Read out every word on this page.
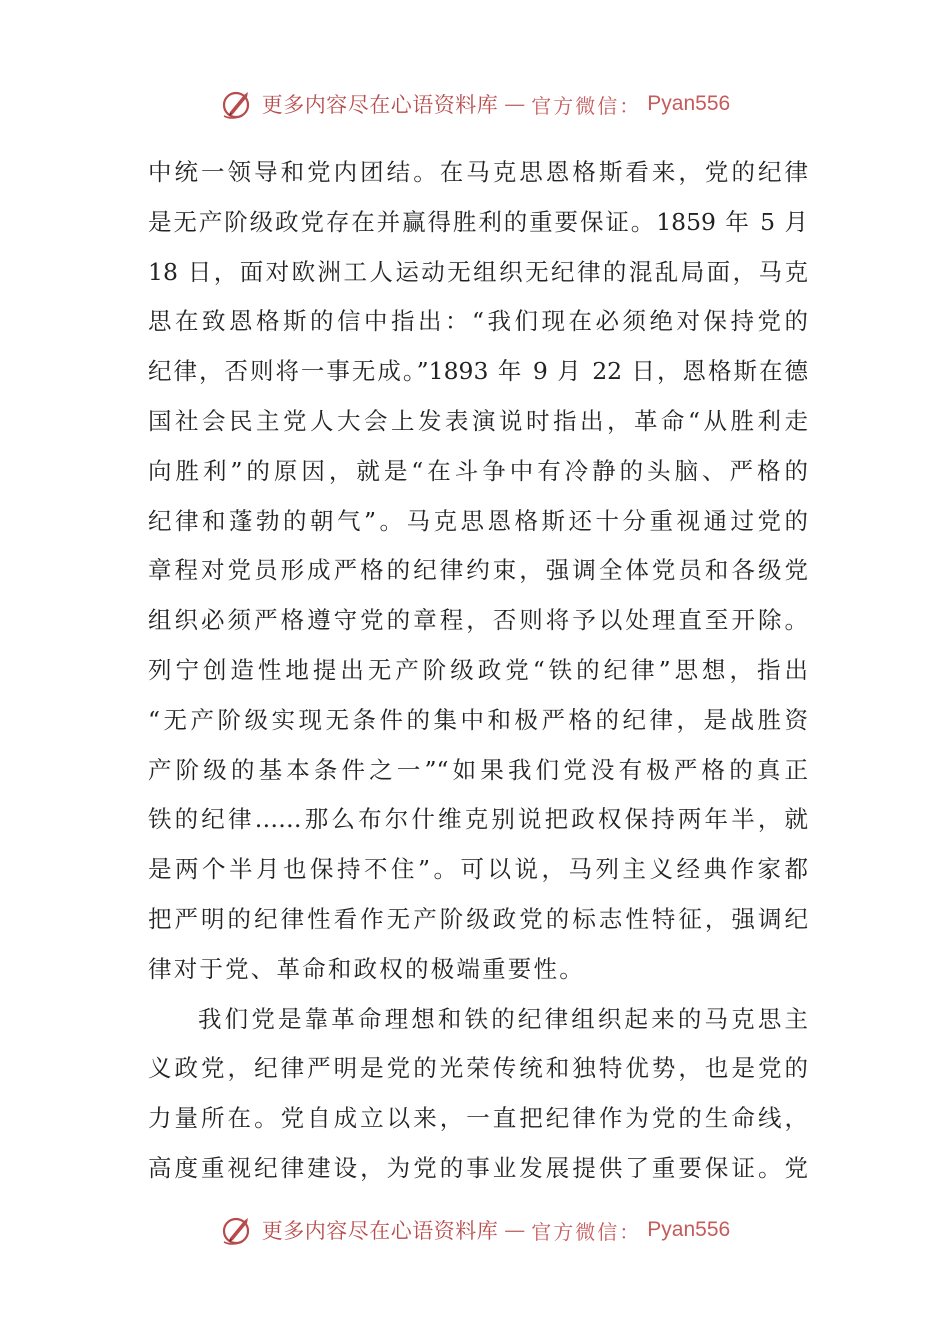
更多内容尽在心语资料库 — 官方微信： Pyan556
中统一领导和党内团结。在马克思恩格斯看来，党的纪律
是无产阶级政党存在并赢得胜利的重要保证。1859 年 5 月
18 日，面对欧洲工人运动无组织无纪律的混乱局面，马克
思在致恩格斯的信中指出：“我们现在必须绝对保持党的
纪律，否则将一事无成。”1893 年 9 月 22 日，恩格斯在德
国社会民主党人大会上发表演说时指出，革命“从胜利走
向胜利”的原因，就是“在斗争中有冷静的头脑、严格的
纪律和蓬勃的朝气”。马克思恩格斯还十分重视通过党的
章程对党员形成严格的纪律约束，强调全体党员和各级党
组织必须严格遵守党的章程，否则将予以处理直至开除。
列宁创造性地提出无产阶级政党“铁的纪律”思想，指出
“无产阶级实现无条件的集中和极严格的纪律，是战胜资
产阶级的基本条件之一”“如果我们党没有极严格的真正
铁的纪律……那么布尔什维克别说把政权保持两年半，就
是两个半月也保持不住”。可以说，马列主义经典作家都
把严明的纪律性看作无产阶级政党的标志性特征，强调纪
律对于党、革命和政权的极端重要性。
我们党是靠革命理想和铁的纪律组织起来的马克思主
义政党，纪律严明是党的光荣传统和独特优势，也是党的
力量所在。党自成立以来，一直把纪律作为党的生命线，
高度重视纪律建设，为党的事业发展提供了重要保证。党
更多内容尽在心语资料库 — 官方微信： Pyan556
